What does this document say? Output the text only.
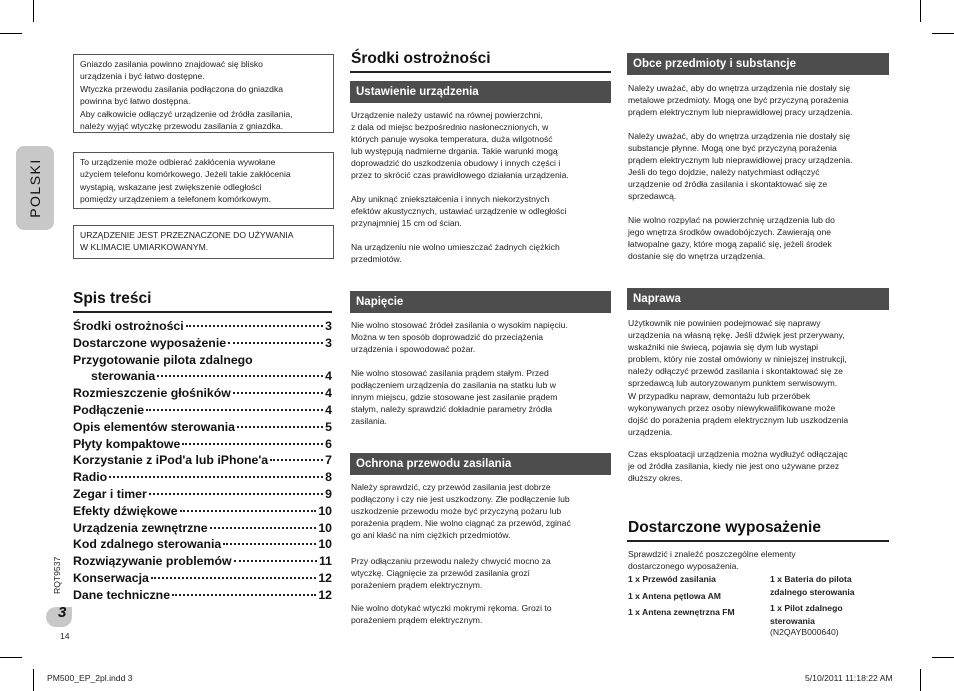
POLSKI
Gniazdo zasilania powinno znajdować się blisko
urządzenia i być łatwo dostępne.
Wtyczka przewodu zasilania podłączona do gniazdka
powinna być łatwo dostępna.
Aby całkowicie odłączyć urządzenie od źródła zasilania,
należy wyjąć wtyczkę przewodu zasilania z gniazdka.
To urządzenie może odbierać zakłócenia wywołane
użyciem telefonu komórkowego. Jeżeli takie zakłócenia
wystąpią, wskazane jest zwiększenie odległości
pomiędzy urządzeniem a telefonem komórkowym.
URZĄDZENIE JEST PRZEZNACZONE DO UŻYWANIA
W KLIMACIE UMIARKOWANYM.
Spis treści
Środki ostrożności	3
Dostarczone wyposażenie	3
Przygotowanie pilota zdalnego
sterowania	4
Rozmieszczenie głośników	4
Podłączenie	4
Opis elementów sterowania	5
Płyty kompaktowe	6
Korzystanie z iPod'a lub iPhone'a	7
Radio	8
Zegar i timer	9
Efekty dźwiękowe	10
Urządzenia zewnętrzne	10
Kod zdalnego sterowania	10
Rozwiązywanie problemów	11
Konserwacja	12
Dane techniczne	12
RQT9537
3
14
PM500_EP_2pl.indd 3	5/10/2011 11:18:22 AM
Środki ostrożności
Ustawienie urządzenia
Urządzenie należy ustawić na równej powierzchni,
z dala od miejsc bezpośrednio nasłonecznionych, w
których panuje wysoka temperatura, duża wilgotność
lub występują nadmierne drgania. Takie warunki mogą
doprowadzić do uszkodzenia obudowy i innych części i
przez to skrócić czas prawidłowego działania urządzenia.
Aby uniknąć zniekształcenia i innych niekorzystnych
efektów akustycznych, ustawiać urządzenie w odległości
przynajmniej 15 cm od ścian.
Na urządzeniu nie wolno umieszczać żadnych ciężkich
przedmiotów.
Napięcie
Nie wolno stosować źródeł zasilania o wysokim napięciu.
Można w ten sposób doprowadzić do przeciążenia
urządzenia i spowodować pożar.
Nie wolno stosować zasilania prądem stałym. Przed
podłączeniem urządzenia do zasilania na statku lub w
innym miejscu, gdzie stosowane jest zasilanie prądem
stałym, należy sprawdzić dokładnie parametry źródła
zasilania.
Ochrona przewodu zasilania
Należy sprawdzić, czy przewód zasilania jest dobrze
podłączony i czy nie jest uszkodzony. Złe podłączenie lub
uszkodzenie przewodu może być przyczyną pożaru lub
porażenia prądem. Nie wolno ciągnąć za przewód, zginać
go ani kłaść na nim ciężkich przedmiotów.
Przy odłączaniu przewodu należy chwycić mocno za
wtyczkę. Ciągnięcie za przewód zasilania grozi
porażeniem prądem elektrycznym.
Nie wolno dotykać wtyczki mokrymi rękoma. Grozi to
porażeniem prądem elektrycznym.
Obce przedmioty i substancje
Należy uważać, aby do wnętrza urządzenia nie dostały się
metalowe przedmioty. Mogą one być przyczyną porażenia
prądem elektrycznym lub nieprawidłowej pracy urządzenia.
Należy uważać, aby do wnętrza urządzenia nie dostały się
substancje płynne. Mogą one być przyczyną porażenia
prądem elektrycznym lub nieprawidłowej pracy urządzenia.
Jeśli do tego dojdzie, należy natychmiast odłączyć
urządzenie od źródła zasilania i skontaktować się ze
sprzedawcą.
Nie wolno rozpylać na powierzchnię urządzenia lub do
jego wnętrza środków owadobójczych. Zawierają one
łatwopalne gazy, które mogą zapalić się, jeżeli środek
dostanie się do wnętrza urządzenia.
Naprawa
Użytkownik nie powinien podejmować się naprawy
urządzenia na własną rękę. Jeśli dźwięk jest przerywany,
wskaźniki nie świecą, pojawia się dym lub wystąpi
problem, który nie został omówiony w niniejszej instrukcji,
należy odłączyć przewód zasilania i skontaktować się ze
sprzedawcą lub autoryzowanym punktem serwisowym.
W przypadku napraw, demontażu lub przeróbek
wykonywanych przez osoby niewykwalifikowane może
dojść do porażenia prądem elektrycznym lub uszkodzenia
urządzenia.
Czas eksploatacji urządzenia można wydłużyć odłączając
je od źródła zasilania, kiedy nie jest ono używane przez
dłuższy okres.
Dostarczone wyposażenie
Sprawdzić i znaleźć poszczególne elementy
dostarczonego wyposażenia.
1 x Przewód zasilania
1 x Antena pętlowa AM
1 x Antena zewnętrzna FM
1 x Bateria do pilota
zdalnego sterowania
1 x Pilot zdalnego
sterowania
(N2QAYB000640)
